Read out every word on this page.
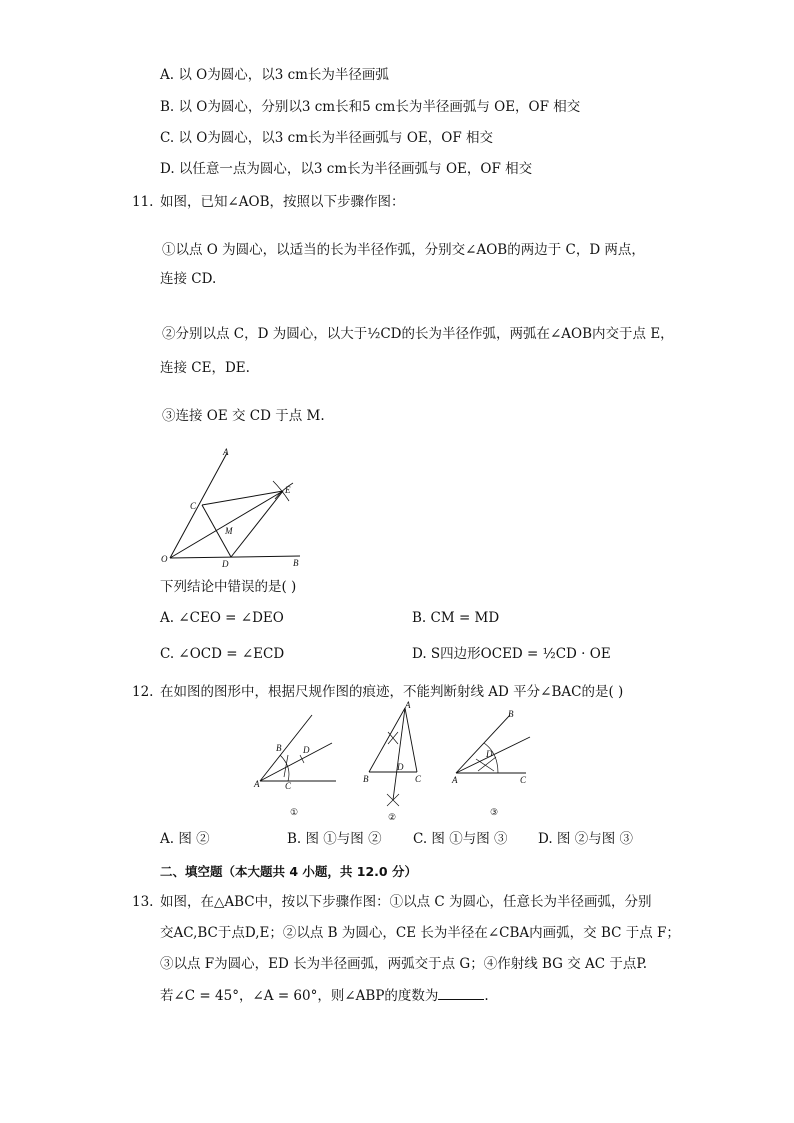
A. 以 O为圆心，以3 cm长为半径画弧
B. 以 O为圆心，分别以3 cm长和5 cm长为半径画弧与 OE，OF 相交
C. 以 O为圆心，以3 cm长为半径画弧与 OE，OF 相交
D. 以任意一点为圆心，以3 cm长为半径画弧与 OE，OF 相交
11. 如图，已知∠AOB，按照以下步骤作图：
①以点 O 为圆心，以适当的长为半径作弧，分别交∠AOB的两边于 C，D 两点，
连接 CD.
②分别以点 C，D 为圆心，以大于½CD的长为半径作弧，两弧在∠AOB内交于点 E，
连接 CE，DE.
③连接 OE 交 CD 于点 M.
A
C
E
M
O	D	B
下列结论中错误的是( )
A. ∠CEO = ∠DEO	B. CM = MD
C. ∠OCD = ∠ECD	D. S四边形OCED = ½CD · OE
12. 在如图的图形中，根据尺规作图的痕迹，不能判断射线 AD 平分∠BAC的是( )
B D
A	C
①
A
D
B	C
②
B
D
A	C
③
A. 图 ②	B. 图 ①与图 ② C. 图 ①与图 ③ D. 图 ②与图 ③
二、填空题（本大题共 4 小题，共 12.0 分）
13. 如图，在△ABC中，按以下步骤作图：①以点 C 为圆心，任意长为半径画弧，分别
交AC,BC于点D,E；②以点 B 为圆心，CE 长为半径在∠CBA内画弧，交 BC 于点 F；
③以点 F为圆心，ED 长为半径画弧，两弧交于点 G；④作射线 BG 交 AC 于点P.
若∠C = 45°，∠A = 60°，则∠ABP的度数为	.
